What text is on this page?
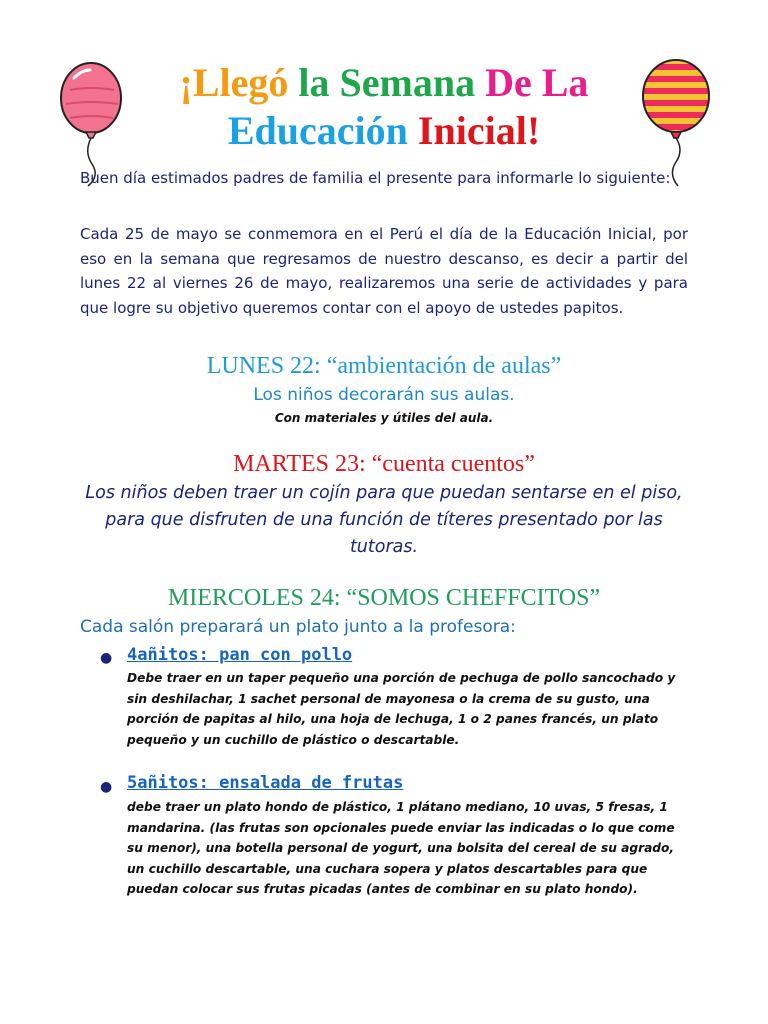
¡Llegó la Semana De La
Educación Inicial!

Buen día estimados padres de familia el presente para informarle lo siguiente:

Cada 25 de mayo se conmemora en el Perú el día de la Educación Inicial, por eso en la semana que regresamos de nuestro descanso, es decir a partir del lunes 22 al viernes 26 de mayo, realizaremos una serie de actividades y para que logre su objetivo queremos contar con el apoyo de ustedes papitos.

LUNES 22: “ambientación de aulas”

Los niños decorarán sus aulas.

Con materiales y útiles del aula.

MARTES 23: “cuenta cuentos”

Los niños deben traer un cojín para que puedan sentarse en el piso, para que disfruten de una función de títeres presentado por las tutoras.

MIERCOLES 24: “SOMOS CHEFFCITOS”

Cada salón preparará un plato junto a la profesora:

● 4añitos: pan con pollo

Debe traer en un taper pequeño una porción de pechuga de pollo sancochado y sin deshilachar, 1 sachet personal de mayonesa o la crema de su gusto, una porción de papitas al hilo, una hoja de lechuga, 1 o 2 panes francés, un plato pequeño y un cuchillo de plástico o descartable.

● 5añitos: ensalada de frutas

debe traer un plato hondo de plástico, 1 plátano mediano, 10 uvas, 5 fresas, 1 mandarina. (las frutas son opcionales puede enviar las indicadas o lo que come su menor), una botella personal de yogurt, una bolsita del cereal de su agrado, un cuchillo descartable, una cuchara sopera y platos descartables para que puedan colocar sus frutas picadas (antes de combinar en su plato hondo).
